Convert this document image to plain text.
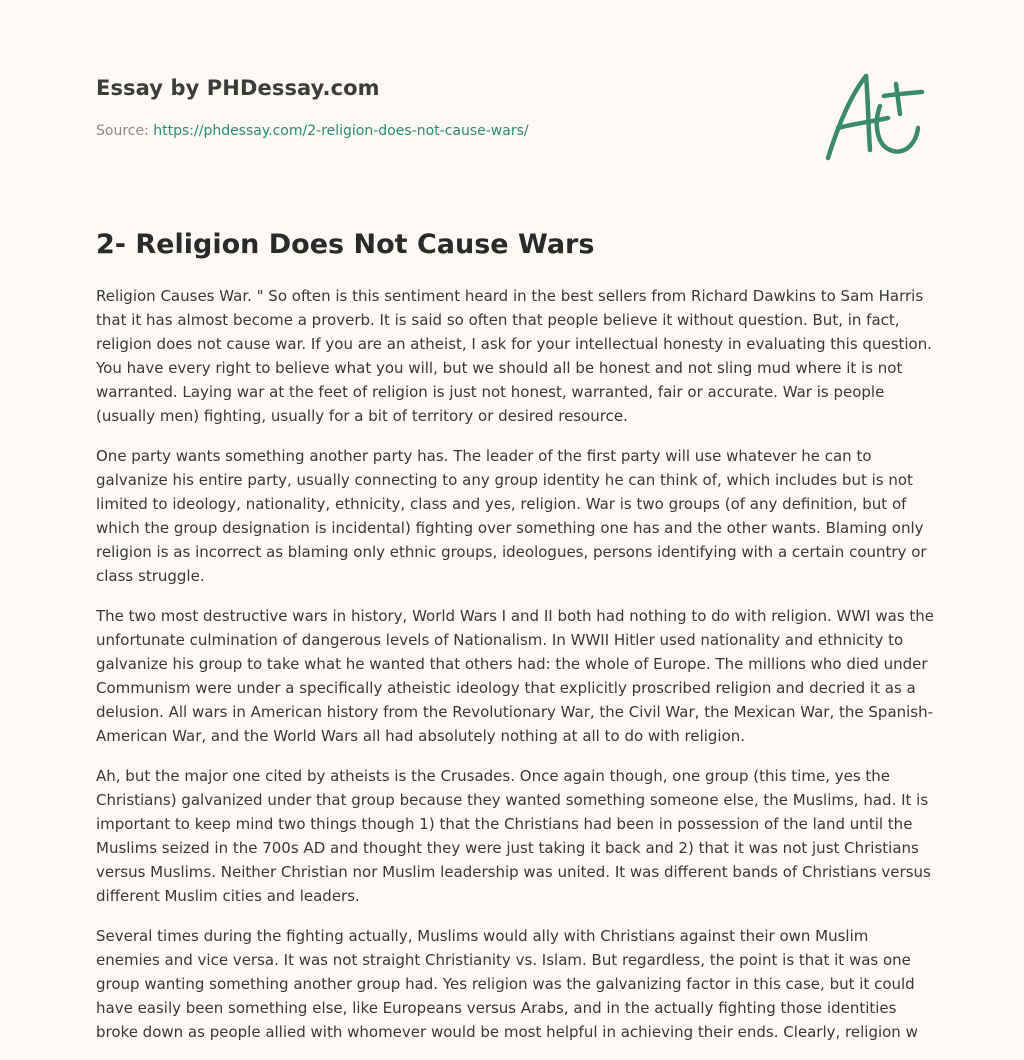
Essay by PHDessay.com
Source: https://phdessay.com/2-religion-does-not-cause-wars/
2- Religion Does Not Cause Wars

Religion Causes War. " So often is this sentiment heard in the best sellers from Richard Dawkins to Sam Harris that it has almost become a proverb. It is said so often that people believe it without question. But, in fact, religion does not cause war. If you are an atheist, I ask for your intellectual honesty in evaluating this question. You have every right to believe what you will, but we should all be honest and not sling mud where it is not warranted. Laying war at the feet of religion is just not honest, warranted, fair or accurate. War is people (usually men) fighting, usually for a bit of territory or desired resource.

One party wants something another party has. The leader of the first party will use whatever he can to galvanize his entire party, usually connecting to any group identity he can think of, which includes but is not limited to ideology, nationality, ethnicity, class and yes, religion. War is two groups (of any definition, but of which the group designation is incidental) fighting over something one has and the other wants. Blaming only religion is as incorrect as blaming only ethnic groups, ideologues, persons identifying with a certain country or class struggle.

The two most destructive wars in history, World Wars I and II both had nothing to do with religion. WWI was the unfortunate culmination of dangerous levels of Nationalism. In WWII Hitler used nationality and ethnicity to galvanize his group to take what he wanted that others had: the whole of Europe. The millions who died under Communism were under a specifically atheistic ideology that explicitly proscribed religion and decried it as a delusion. All wars in American history from the Revolutionary War, the Civil War, the Mexican War, the Spanish-American War, and the World Wars all had absolutely nothing at all to do with religion.

Ah, but the major one cited by atheists is the Crusades. Once again though, one group (this time, yes the Christians) galvanized under that group because they wanted something someone else, the Muslims, had. It is important to keep mind two things though 1) that the Christians had been in possession of the land until the Muslims seized in the 700s AD and thought they were just taking it back and 2) that it was not just Christians versus Muslims. Neither Christian nor Muslim leadership was united. It was different bands of Christians versus different Muslim cities and leaders.

Several times during the fighting actually, Muslims would ally with Christians against their own Muslim enemies and vice versa. It was not straight Christianity vs. Islam. But regardless, the point is that it was one group wanting something another group had. Yes religion was the galvanizing factor in this case, but it could have easily been something else, like Europeans versus Arabs, and in the actually fighting those identities broke down as people allied with whomever would be most helpful in achieving their ends. Clearly, religion w
